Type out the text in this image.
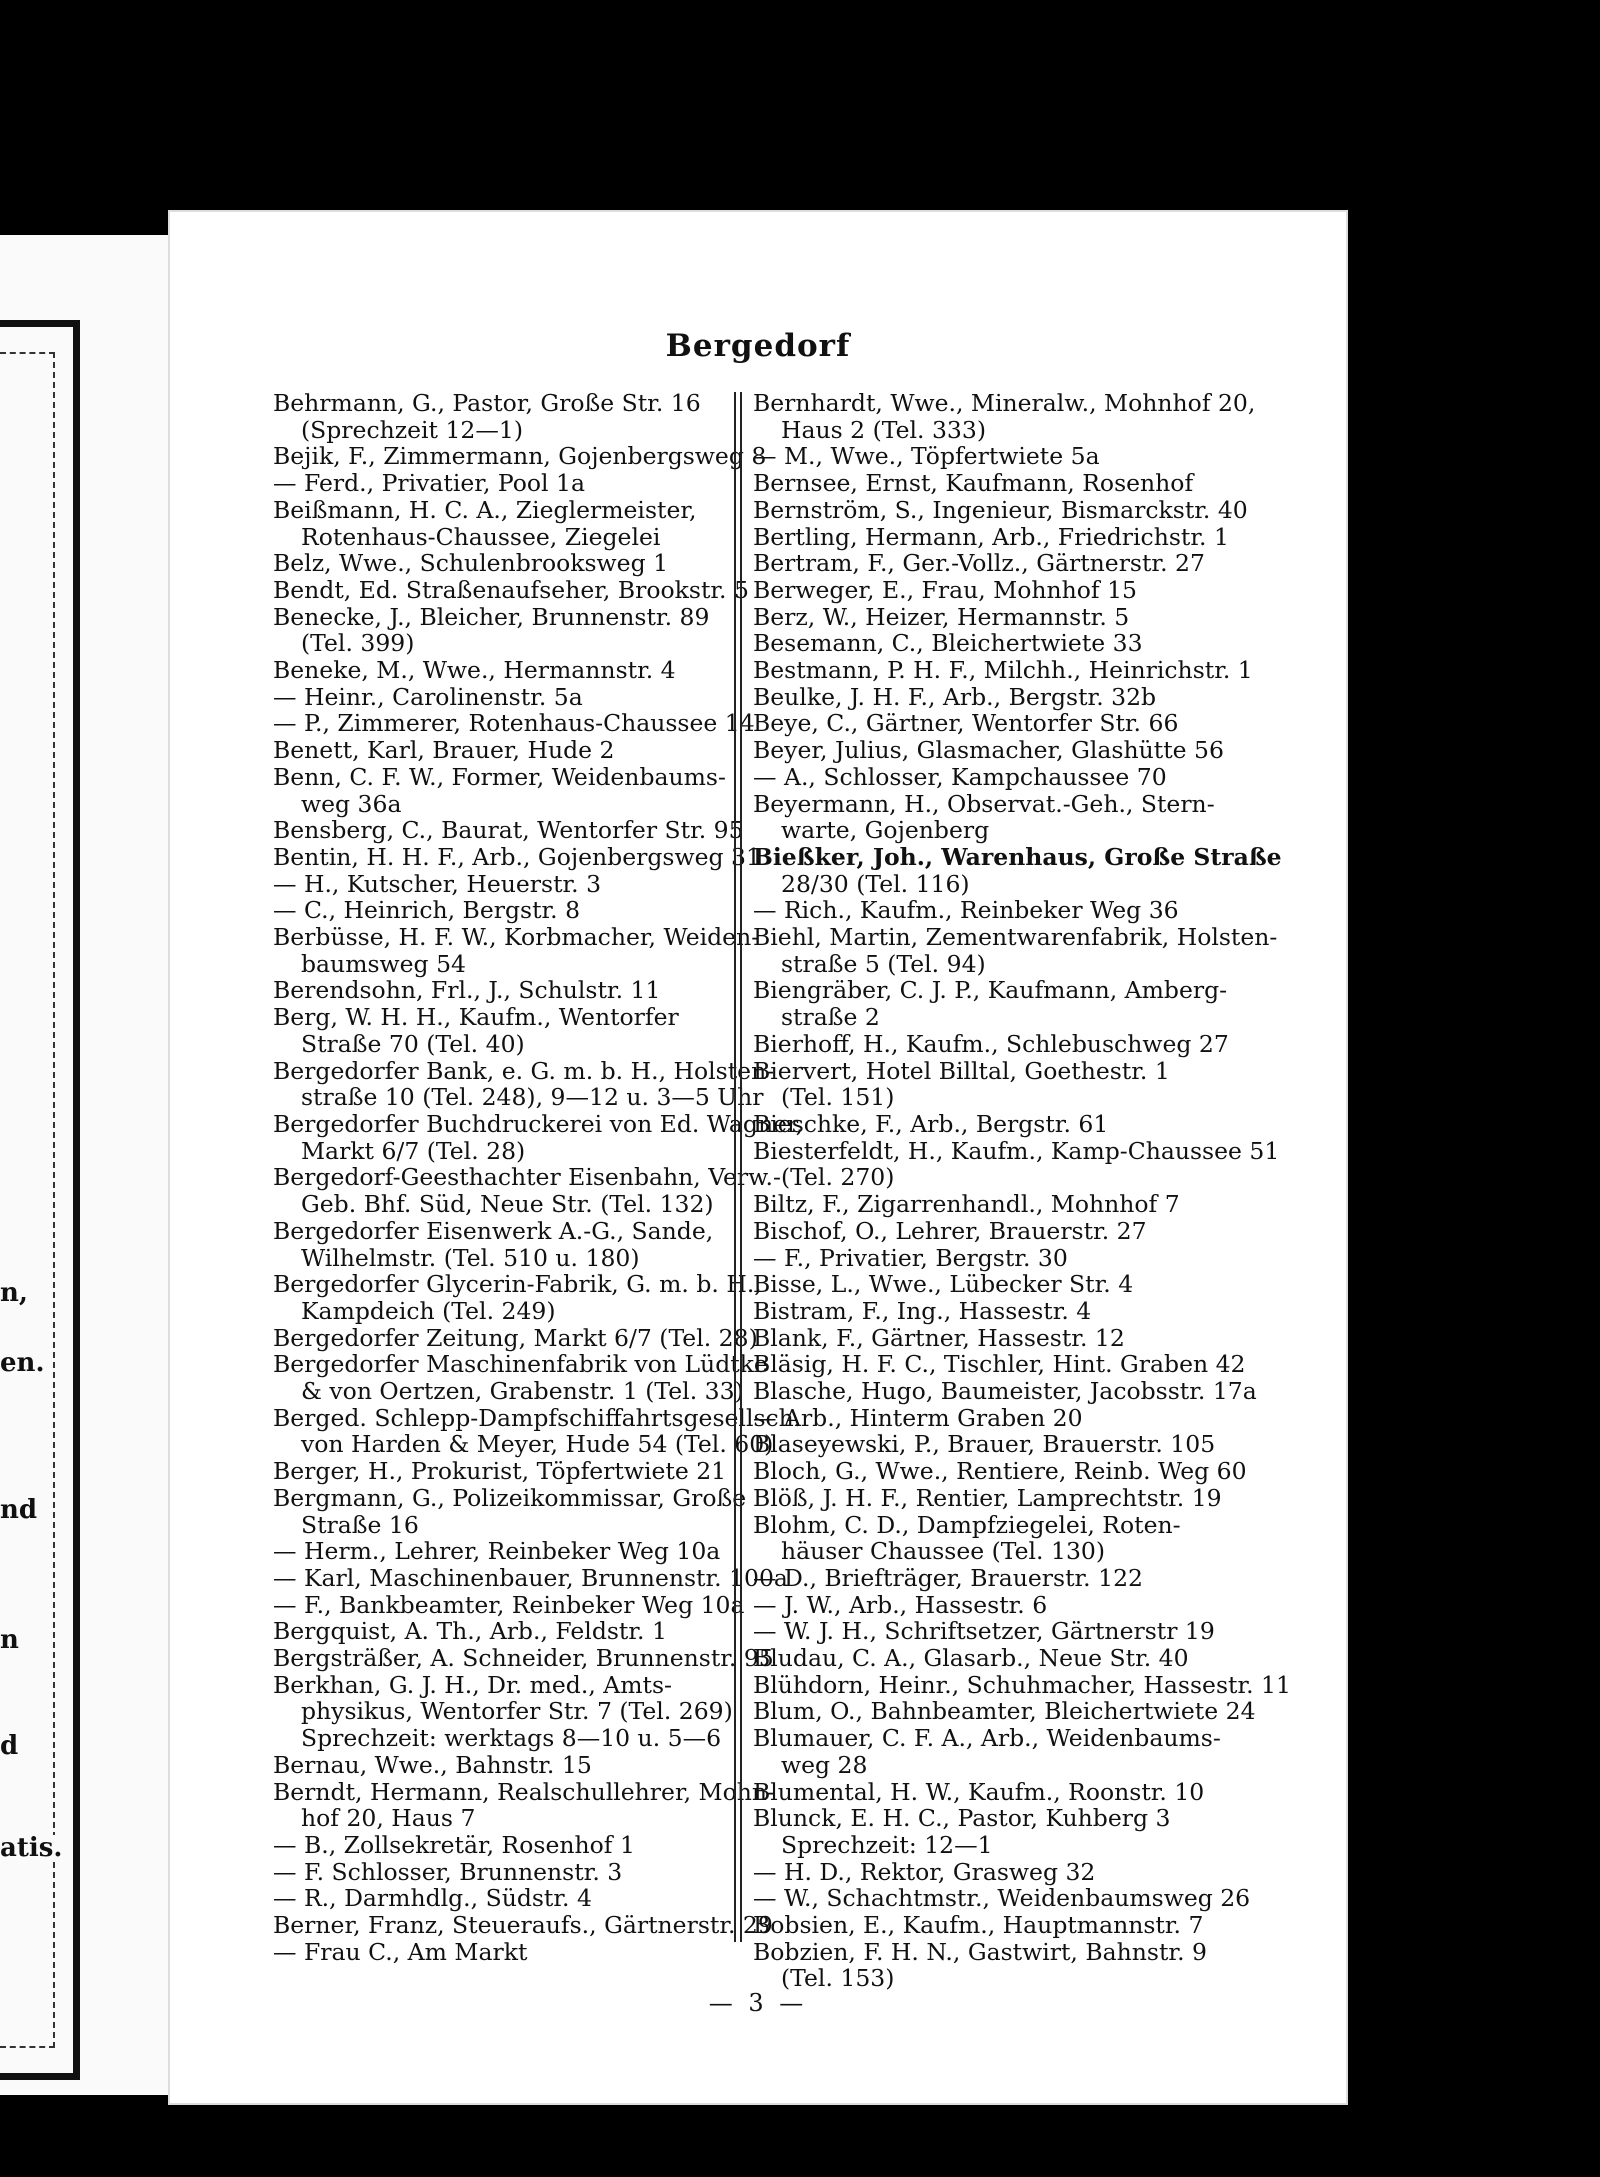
n,
en.
nd
n
d
atis.
Bergedorf
Behrmann, G., Pastor, Große Str. 16
(Sprechzeit 12—1)
Bejik, F., Zimmermann, Gojenbergsweg 8
— Ferd., Privatier, Pool 1a
Beißmann, H. C. A., Zieglermeister,
Rotenhaus-Chaussee, Ziegelei
Belz, Wwe., Schulenbrooksweg 1
Bendt, Ed. Straßenaufseher, Brookstr. 5
Benecke, J., Bleicher, Brunnenstr. 89
(Tel. 399)
Beneke, M., Wwe., Hermannstr. 4
— Heinr., Carolinenstr. 5a
— P., Zimmerer, Rotenhaus-Chaussee 14
Benett, Karl, Brauer, Hude 2
Benn, C. F. W., Former, Weidenbaums-
weg 36a
Bensberg, C., Baurat, Wentorfer Str. 95
Bentin, H. H. F., Arb., Gojenbergsweg 31
— H., Kutscher, Heuerstr. 3
— C., Heinrich, Bergstr. 8
Berbüsse, H. F. W., Korbmacher, Weiden-
baumsweg 54
Berendsohn, Frl., J., Schulstr. 11
Berg, W. H. H., Kaufm., Wentorfer
Straße 70 (Tel. 40)
Bergedorfer Bank, e. G. m. b. H., Holsten-
straße 10 (Tel. 248), 9—12 u. 3—5 Uhr
Bergedorfer Buchdruckerei von Ed. Wagner,
Markt 6/7 (Tel. 28)
Bergedorf-Geesthachter Eisenbahn, Verw.-
Geb. Bhf. Süd, Neue Str. (Tel. 132)
Bergedorfer Eisenwerk A.-G., Sande,
Wilhelmstr. (Tel. 510 u. 180)
Bergedorfer Glycerin-Fabrik, G. m. b. H.,
Kampdeich (Tel. 249)
Bergedorfer Zeitung, Markt 6/7 (Tel. 28)
Bergedorfer Maschinenfabrik von Lüdtke
& von Oertzen, Grabenstr. 1 (Tel. 33)
Berged. Schlepp-Dampfschiffahrtsgesellsch.
von Harden & Meyer, Hude 54 (Tel. 60)
Berger, H., Prokurist, Töpfertwiete 21
Bergmann, G., Polizeikommissar, Große
Straße 16
— Herm., Lehrer, Reinbeker Weg 10a
— Karl, Maschinenbauer, Brunnenstr. 100a
— F., Bankbeamter, Reinbeker Weg 10a
Bergquist, A. Th., Arb., Feldstr. 1
Bergsträßer, A. Schneider, Brunnenstr. 95
Berkhan, G. J. H., Dr. med., Amts-
physikus, Wentorfer Str. 7 (Tel. 269)
Sprechzeit: werktags 8—10 u. 5—6
Bernau, Wwe., Bahnstr. 15
Berndt, Hermann, Realschullehrer, Mohn-
hof 20, Haus 7
— B., Zollsekretär, Rosenhof 1
— F. Schlosser, Brunnenstr. 3
— R., Darmhdlg., Südstr. 4
Berner, Franz, Steueraufs., Gärtnerstr. 29
— Frau C., Am Markt
Bernhardt, Wwe., Mineralw., Mohnhof 20,
Haus 2 (Tel. 333)
— M., Wwe., Töpfertwiete 5a
Bernsee, Ernst, Kaufmann, Rosenhof
Bernström, S., Ingenieur, Bismarckstr. 40
Bertling, Hermann, Arb., Friedrichstr. 1
Bertram, F., Ger.-Vollz., Gärtnerstr. 27
Berweger, E., Frau, Mohnhof 15
Berz, W., Heizer, Hermannstr. 5
Besemann, C., Bleichertwiete 33
Bestmann, P. H. F., Milchh., Heinrichstr. 1
Beulke, J. H. F., Arb., Bergstr. 32b
Beye, C., Gärtner, Wentorfer Str. 66
Beyer, Julius, Glasmacher, Glashütte 56
— A., Schlosser, Kampchaussee 70
Beyermann, H., Observat.-Geh., Stern-
warte, Gojenberg
Bießker, Joh., Warenhaus, Große Straße
28/30 (Tel. 116)
— Rich., Kaufm., Reinbeker Weg 36
Biehl, Martin, Zementwarenfabrik, Holsten-
straße 5 (Tel. 94)
Biengräber, C. J. P., Kaufmann, Amberg-
straße 2
Bierhoff, H., Kaufm., Schlebuschweg 27
Biervert, Hotel Billtal, Goethestr. 1
(Tel. 151)
Bieschke, F., Arb., Bergstr. 61
Biesterfeldt, H., Kaufm., Kamp-Chaussee 51
(Tel. 270)
Biltz, F., Zigarrenhandl., Mohnhof 7
Bischof, O., Lehrer, Brauerstr. 27
— F., Privatier, Bergstr. 30
Bisse, L., Wwe., Lübecker Str. 4
Bistram, F., Ing., Hassestr. 4
Blank, F., Gärtner, Hassestr. 12
Bläsig, H. F. C., Tischler, Hint. Graben 42
Blasche, Hugo, Baumeister, Jacobsstr. 17a
— Arb., Hinterm Graben 20
Blaseyewski, P., Brauer, Brauerstr. 105
Bloch, G., Wwe., Rentiere, Reinb. Weg 60
Blöß, J. H. F., Rentier, Lamprechtstr. 19
Blohm, C. D., Dampfziegelei, Roten-
häuser Chaussee (Tel. 130)
— D., Briefträger, Brauerstr. 122
— J. W., Arb., Hassestr. 6
— W. J. H., Schriftsetzer, Gärtnerstr 19
Bludau, C. A., Glasarb., Neue Str. 40
Blühdorn, Heinr., Schuhmacher, Hassestr. 11
Blum, O., Bahnbeamter, Bleichertwiete 24
Blumauer, C. F. A., Arb., Weidenbaums-
weg 28
Blumental, H. W., Kaufm., Roonstr. 10
Blunck, E. H. C., Pastor, Kuhberg 3
Sprechzeit: 12—1
— H. D., Rektor, Grasweg 32
— W., Schachtmstr., Weidenbaumsweg 26
Bobsien, E., Kaufm., Hauptmannstr. 7
Bobzien, F. H. N., Gastwirt, Bahnstr. 9
(Tel. 153)
— 3 —
